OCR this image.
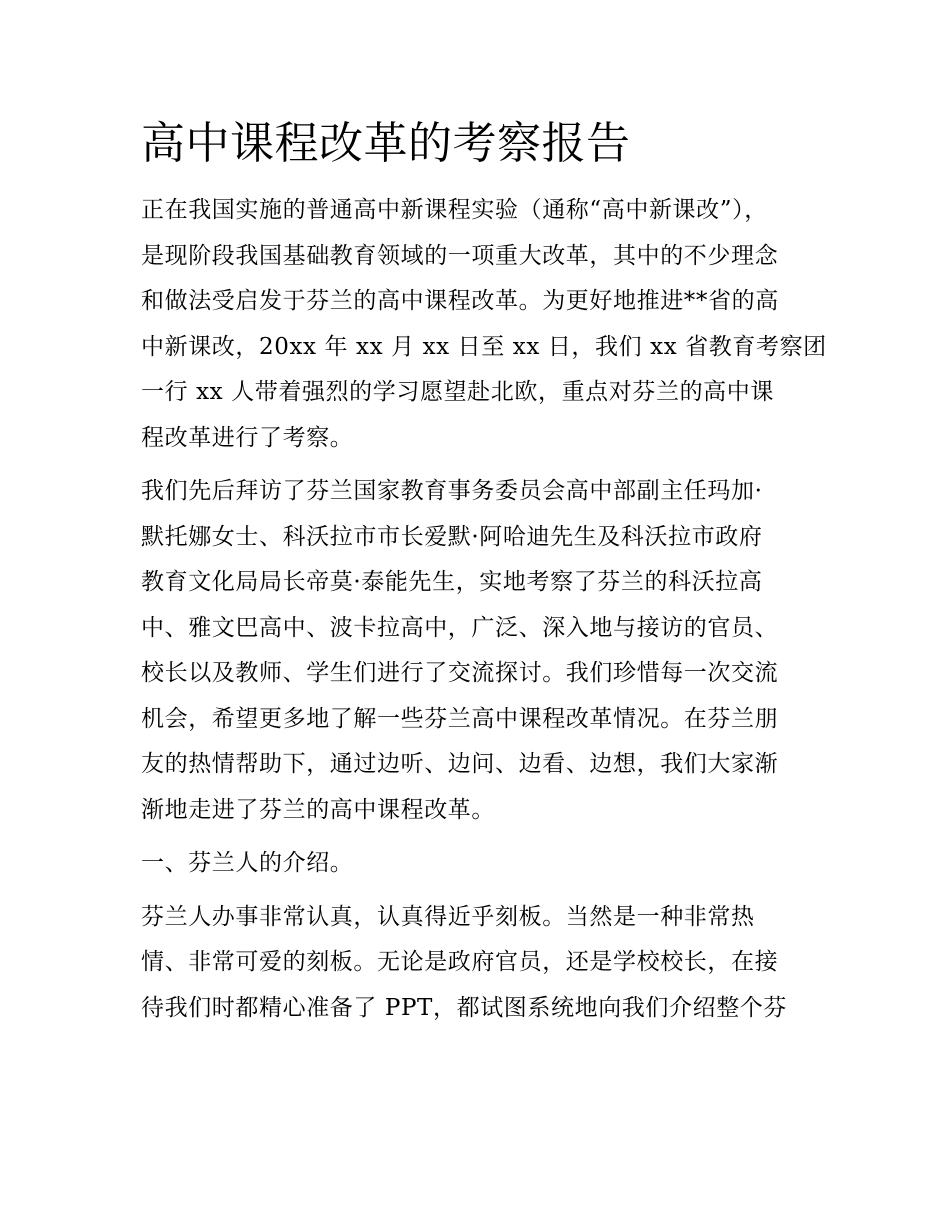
高中课程改革的考察报告

正在我国实施的普通高中新课程实验（通称“高中新课改”），
是现阶段我国基础教育领域的一项重大改革，其中的不少理念
和做法受启发于芬兰的高中课程改革。为更好地推进**省的高
中新课改，20xx 年 xx 月 xx 日至 xx 日，我们 xx 省教育考察团
一行 xx 人带着强烈的学习愿望赴北欧，重点对芬兰的高中课
程改革进行了考察。

我们先后拜访了芬兰国家教育事务委员会高中部副主任玛加·
默托娜女士、科沃拉市市长爱默·阿哈迪先生及科沃拉市政府
教育文化局局长帝莫·泰能先生，实地考察了芬兰的科沃拉高
中、雅文巴高中、波卡拉高中，广泛、深入地与接访的官员、
校长以及教师、学生们进行了交流探讨。我们珍惜每一次交流
机会，希望更多地了解一些芬兰高中课程改革情况。在芬兰朋
友的热情帮助下，通过边听、边问、边看、边想，我们大家渐
渐地走进了芬兰的高中课程改革。

一、芬兰人的介绍。

芬兰人办事非常认真，认真得近乎刻板。当然是一种非常热
情、非常可爱的刻板。无论是政府官员，还是学校校长，在接
待我们时都精心准备了 PPT，都试图系统地向我们介绍整个芬
